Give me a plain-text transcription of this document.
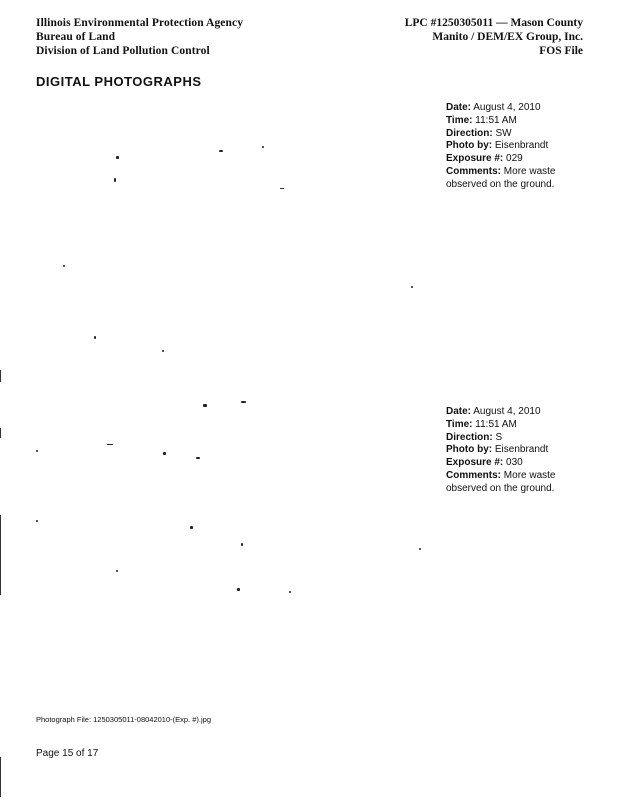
Illinois Environmental Protection Agency
Bureau of Land
Division of Land Pollution Control
LPC #1250305011 — Mason County
Manito / DEM/EX Group, Inc.
FOS File
DIGITAL PHOTOGRAPHS
Date: August 4, 2010
Time: 11:51 AM
Direction: SW
Photo by: Eisenbrandt
Exposure #: 029
Comments: More waste observed on the ground.
Date: August 4, 2010
Time: 11:51 AM
Direction: S
Photo by: Eisenbrandt
Exposure #: 030
Comments: More waste observed on the ground.
Photograph File: 1250305011-08042010-(Exp. #).jpg
Page 15 of 17
